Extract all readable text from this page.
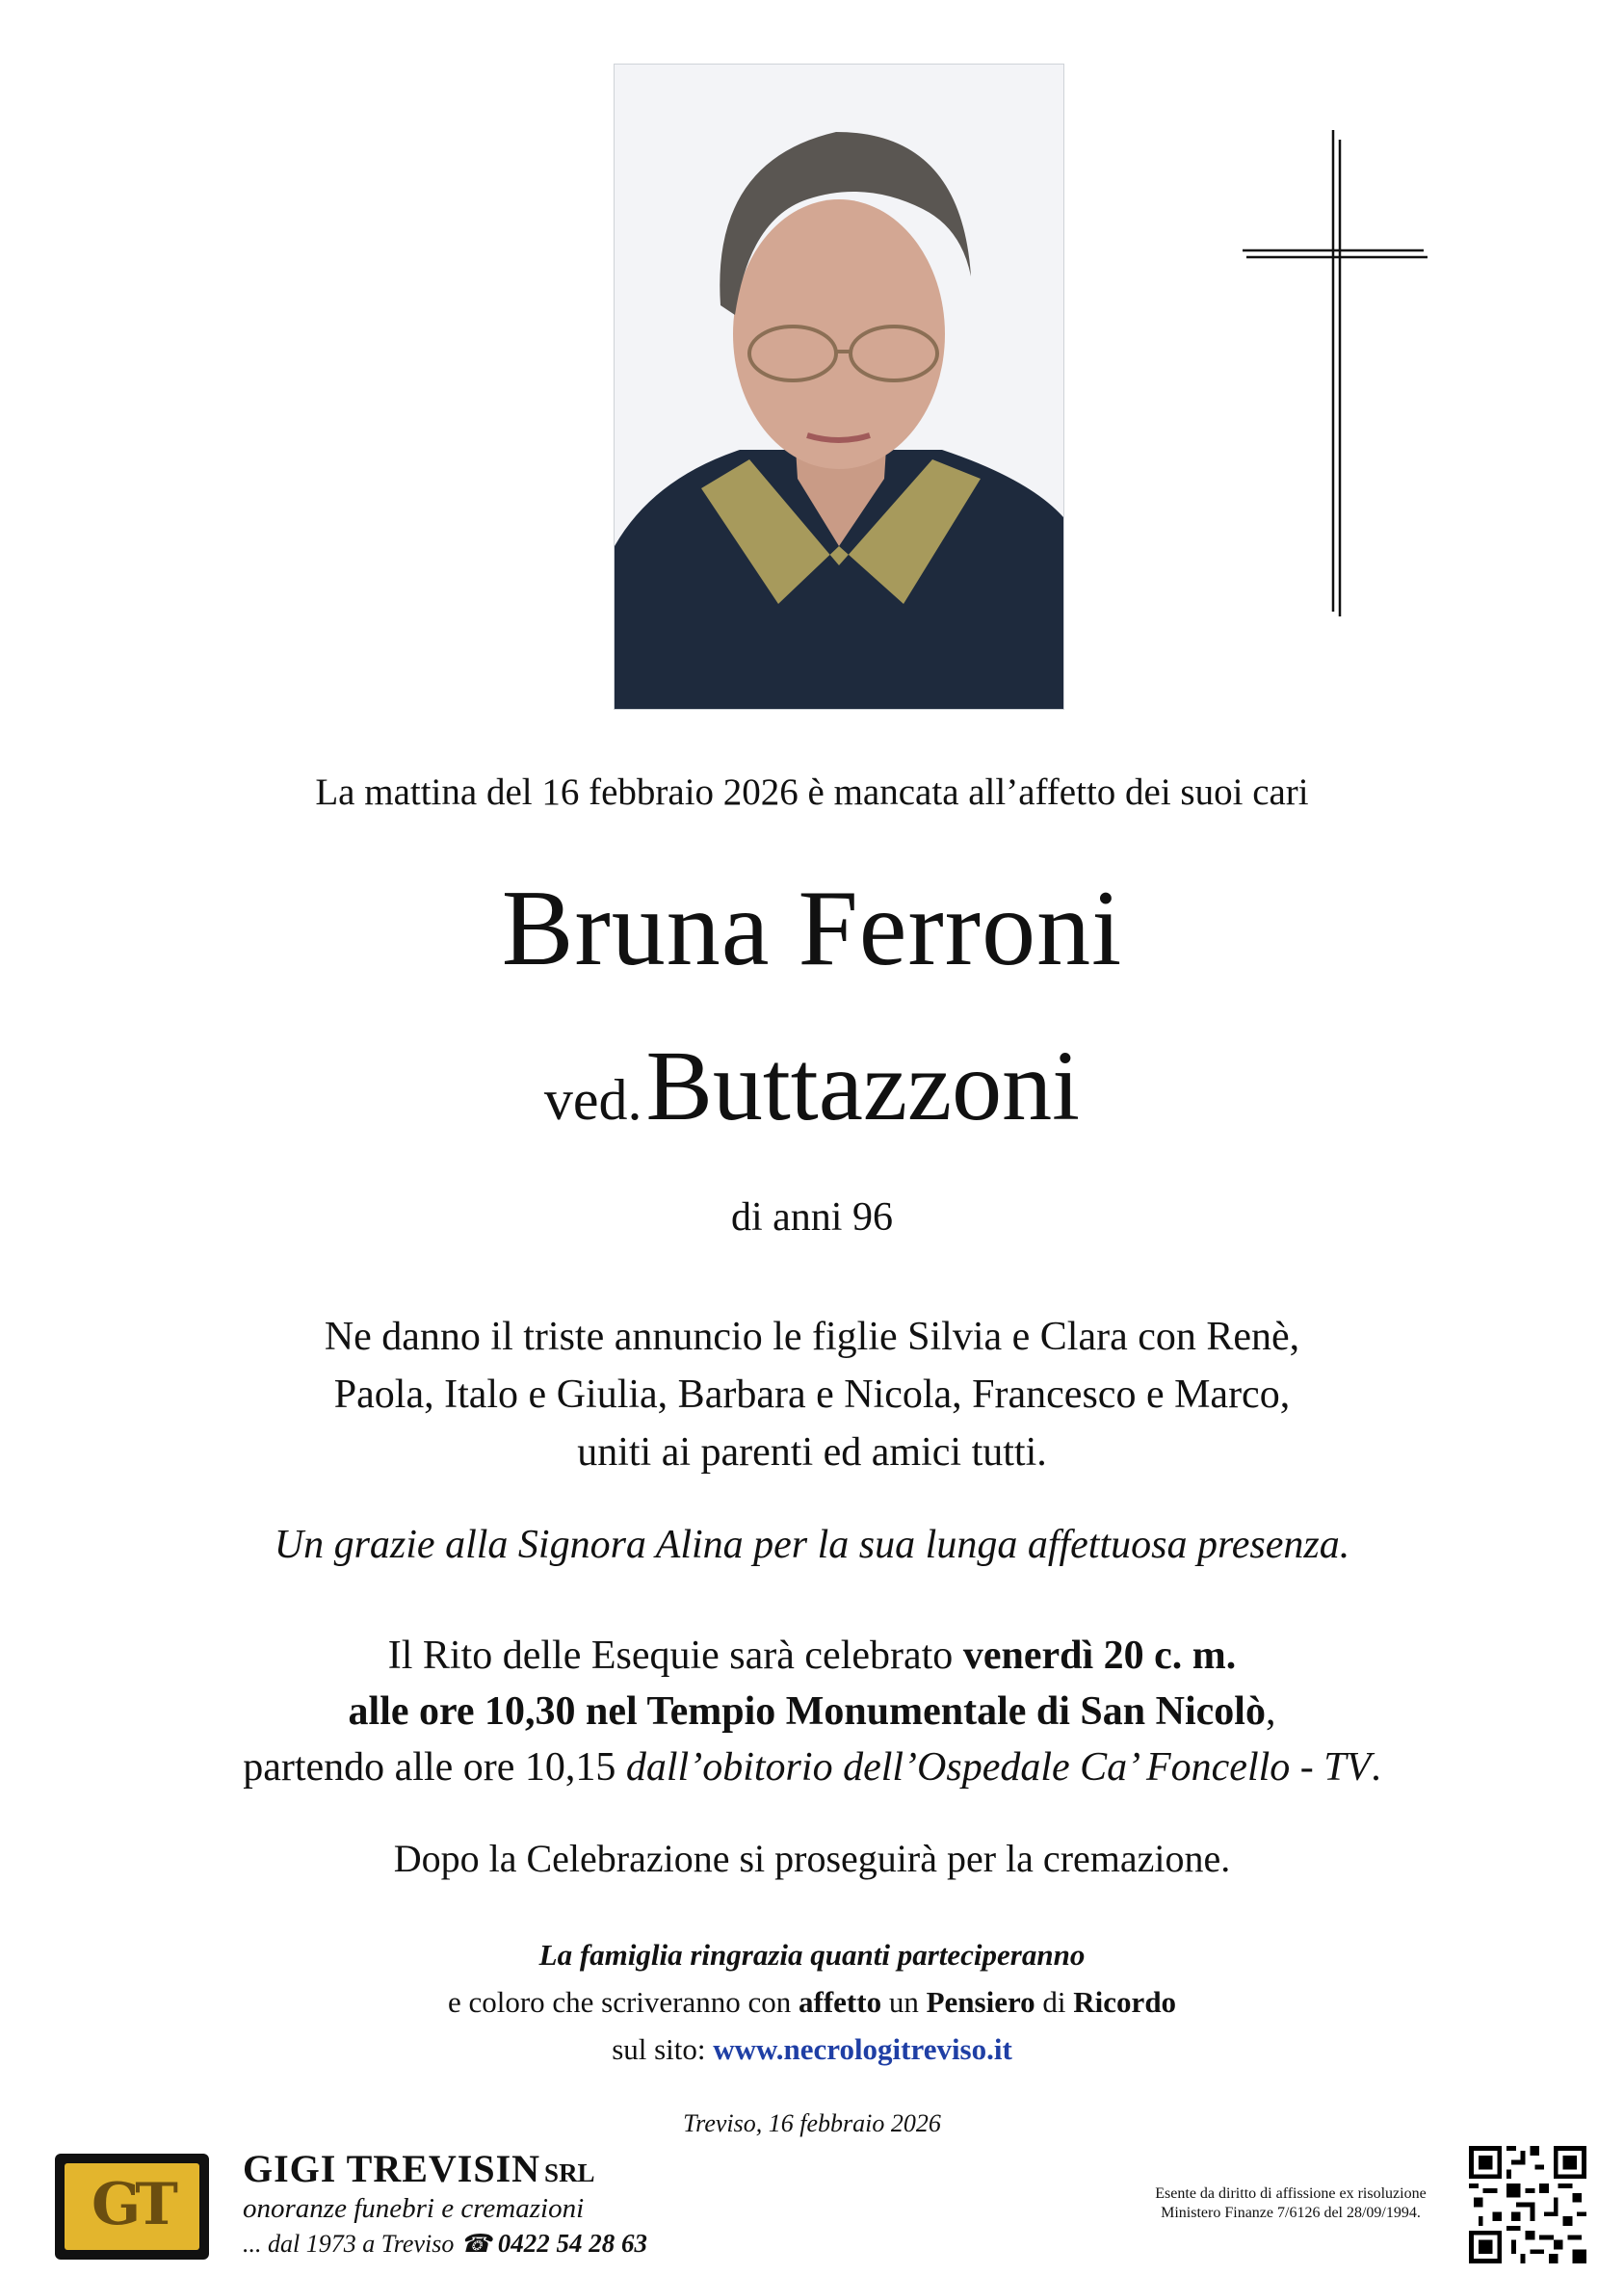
La mattina del 16 febbraio 2026 è mancata all’affetto dei suoi cari
Bruna Ferroni
ved. Buttazzoni
di anni 96
Ne danno il triste annuncio le figlie Silvia e Clara con Renè,
Paola, Italo e Giulia, Barbara e Nicola, Francesco e Marco,
uniti ai parenti ed amici tutti.
Un grazie alla Signora Alina per la sua lunga affettuosa presenza.
Il Rito delle Esequie sarà celebrato venerdì 20 c. m.
alle ore 10,30 nel Tempio Monumentale di San Nicolò,
partendo alle ore 10,15 dall’obitorio dell’Ospedale Ca’ Foncello - TV.
Dopo la Celebrazione si proseguirà per la cremazione.
La famiglia ringrazia quanti parteciperanno
e coloro che scriveranno con affetto un Pensiero di Ricordo
sul sito: www.necrologitreviso.it
Treviso, 16 febbraio 2026
GT
GIGI TREVISIN SRL
onoranze funebri e cremazioni
... dal 1973 a Treviso ☎ 0422 54 28 63
Esente da diritto di affissione ex risoluzione
Ministero Finanze 7/6126 del 28/09/1994.
